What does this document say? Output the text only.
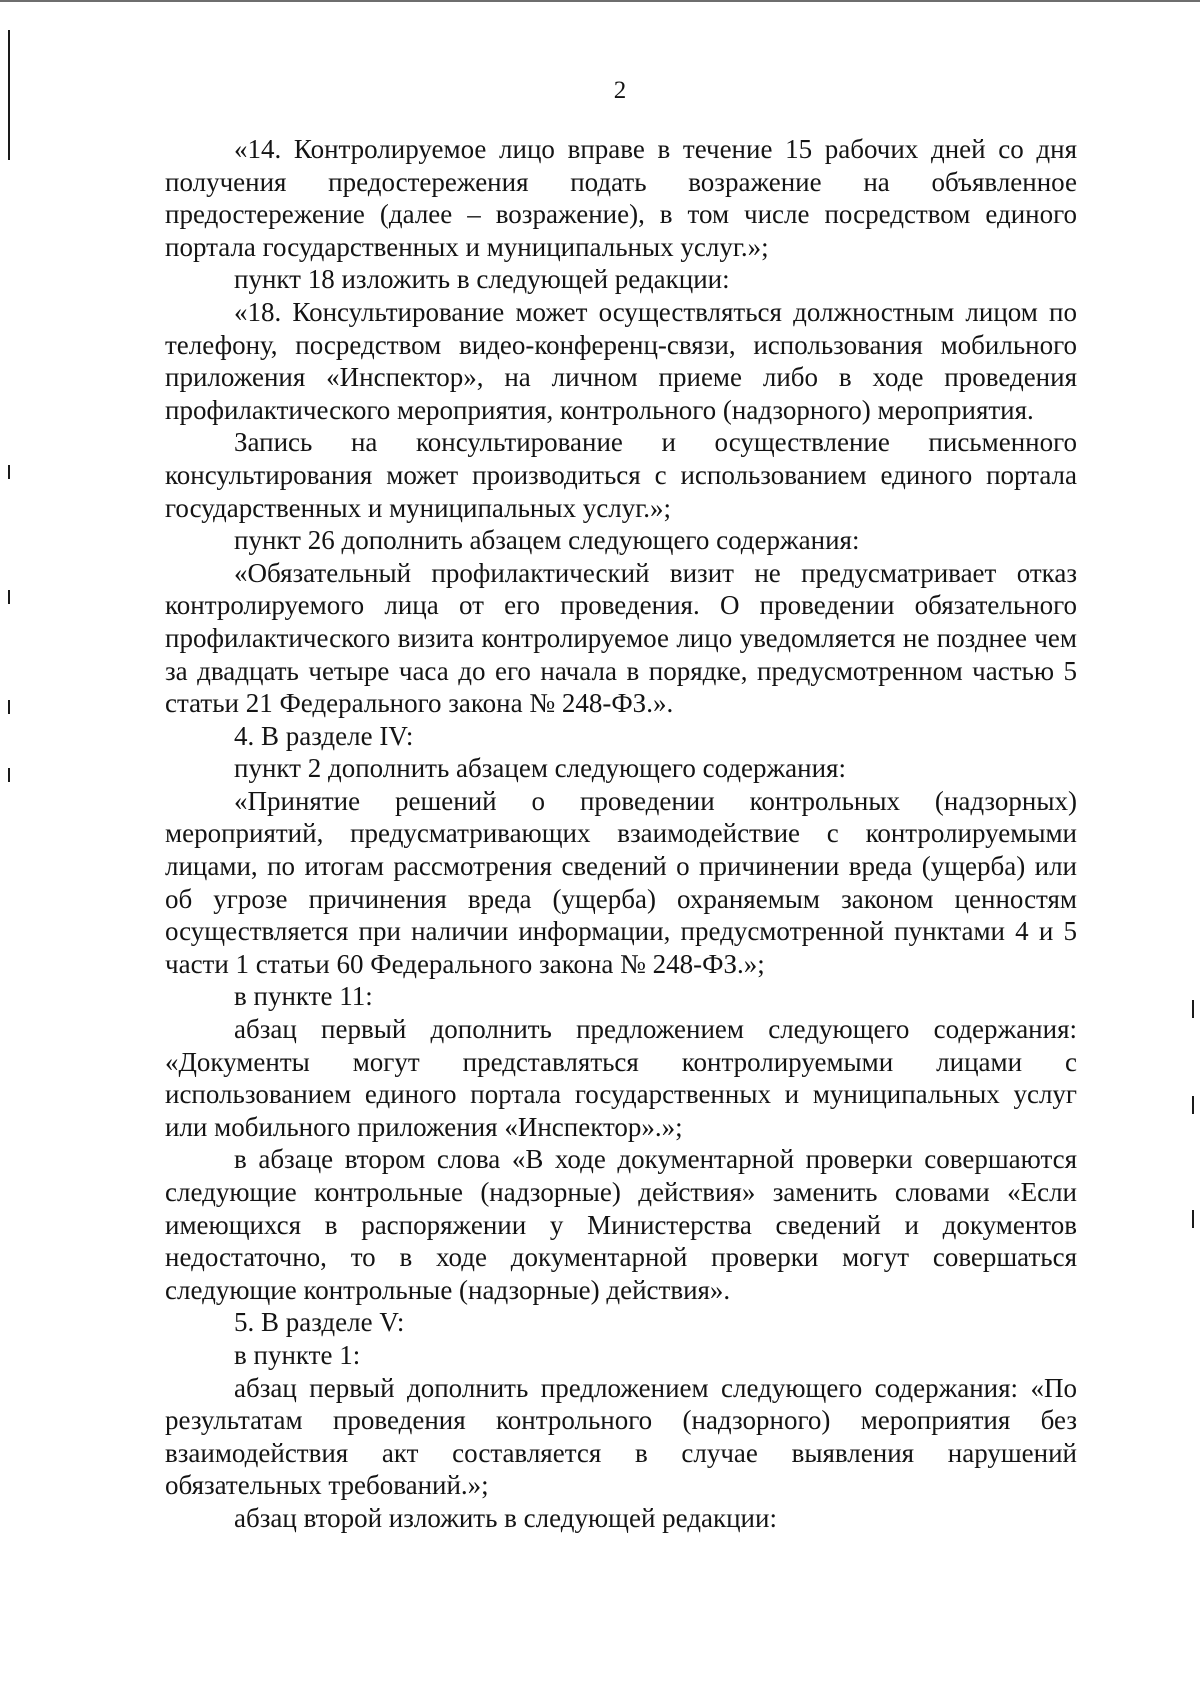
2

«14. Контролируемое лицо вправе в течение 15 рабочих дней со дня получения предостережения подать возражение на объявленное предостережение (далее – возражение), в том числе посредством единого портала государственных и муниципальных услуг.»;

пункт 18 изложить в следующей редакции:

«18. Консультирование может осуществляться должностным лицом по телефону, посредством видео-конференц-связи, использования мобильного приложения «Инспектор», на личном приеме либо в ходе проведения профилактического мероприятия, контрольного (надзорного) мероприятия.

Запись на консультирование и осуществление письменного консультирования может производиться с использованием единого портала государственных и муниципальных услуг.»;

пункт 26 дополнить абзацем следующего содержания:

«Обязательный профилактический визит не предусматривает отказ контролируемого лица от его проведения. О проведении обязательного профилактического визита контролируемое лицо уведомляется не позднее чем за двадцать четыре часа до его начала в порядке, предусмотренном частью 5 статьи 21 Федерального закона № 248-ФЗ.».

4. В разделе IV:

пункт 2 дополнить абзацем следующего содержания:

«Принятие решений о проведении контрольных (надзорных) мероприятий, предусматривающих взаимодействие с контролируемыми лицами, по итогам рассмотрения сведений о причинении вреда (ущерба) или об угрозе причинения вреда (ущерба) охраняемым законом ценностям осуществляется при наличии информации, предусмотренной пунктами 4 и 5 части 1 статьи 60 Федерального закона № 248-ФЗ.»;

в пункте 11:

абзац первый дополнить предложением следующего содержания: «Документы могут представляться контролируемыми лицами с использованием единого портала государственных и муниципальных услуг или мобильного приложения «Инспектор».»;

в абзаце втором слова «В ходе документарной проверки совершаются следующие контрольные (надзорные) действия» заменить словами «Если имеющихся в распоряжении у Министерства сведений и документов недостаточно, то в ходе документарной проверки могут совершаться следующие контрольные (надзорные) действия».

5. В разделе V:

в пункте 1:

абзац первый дополнить предложением следующего содержания: «По результатам проведения контрольного (надзорного) мероприятия без взаимодействия акт составляется в случае выявления нарушений обязательных требований.»;

абзац второй изложить в следующей редакции:
